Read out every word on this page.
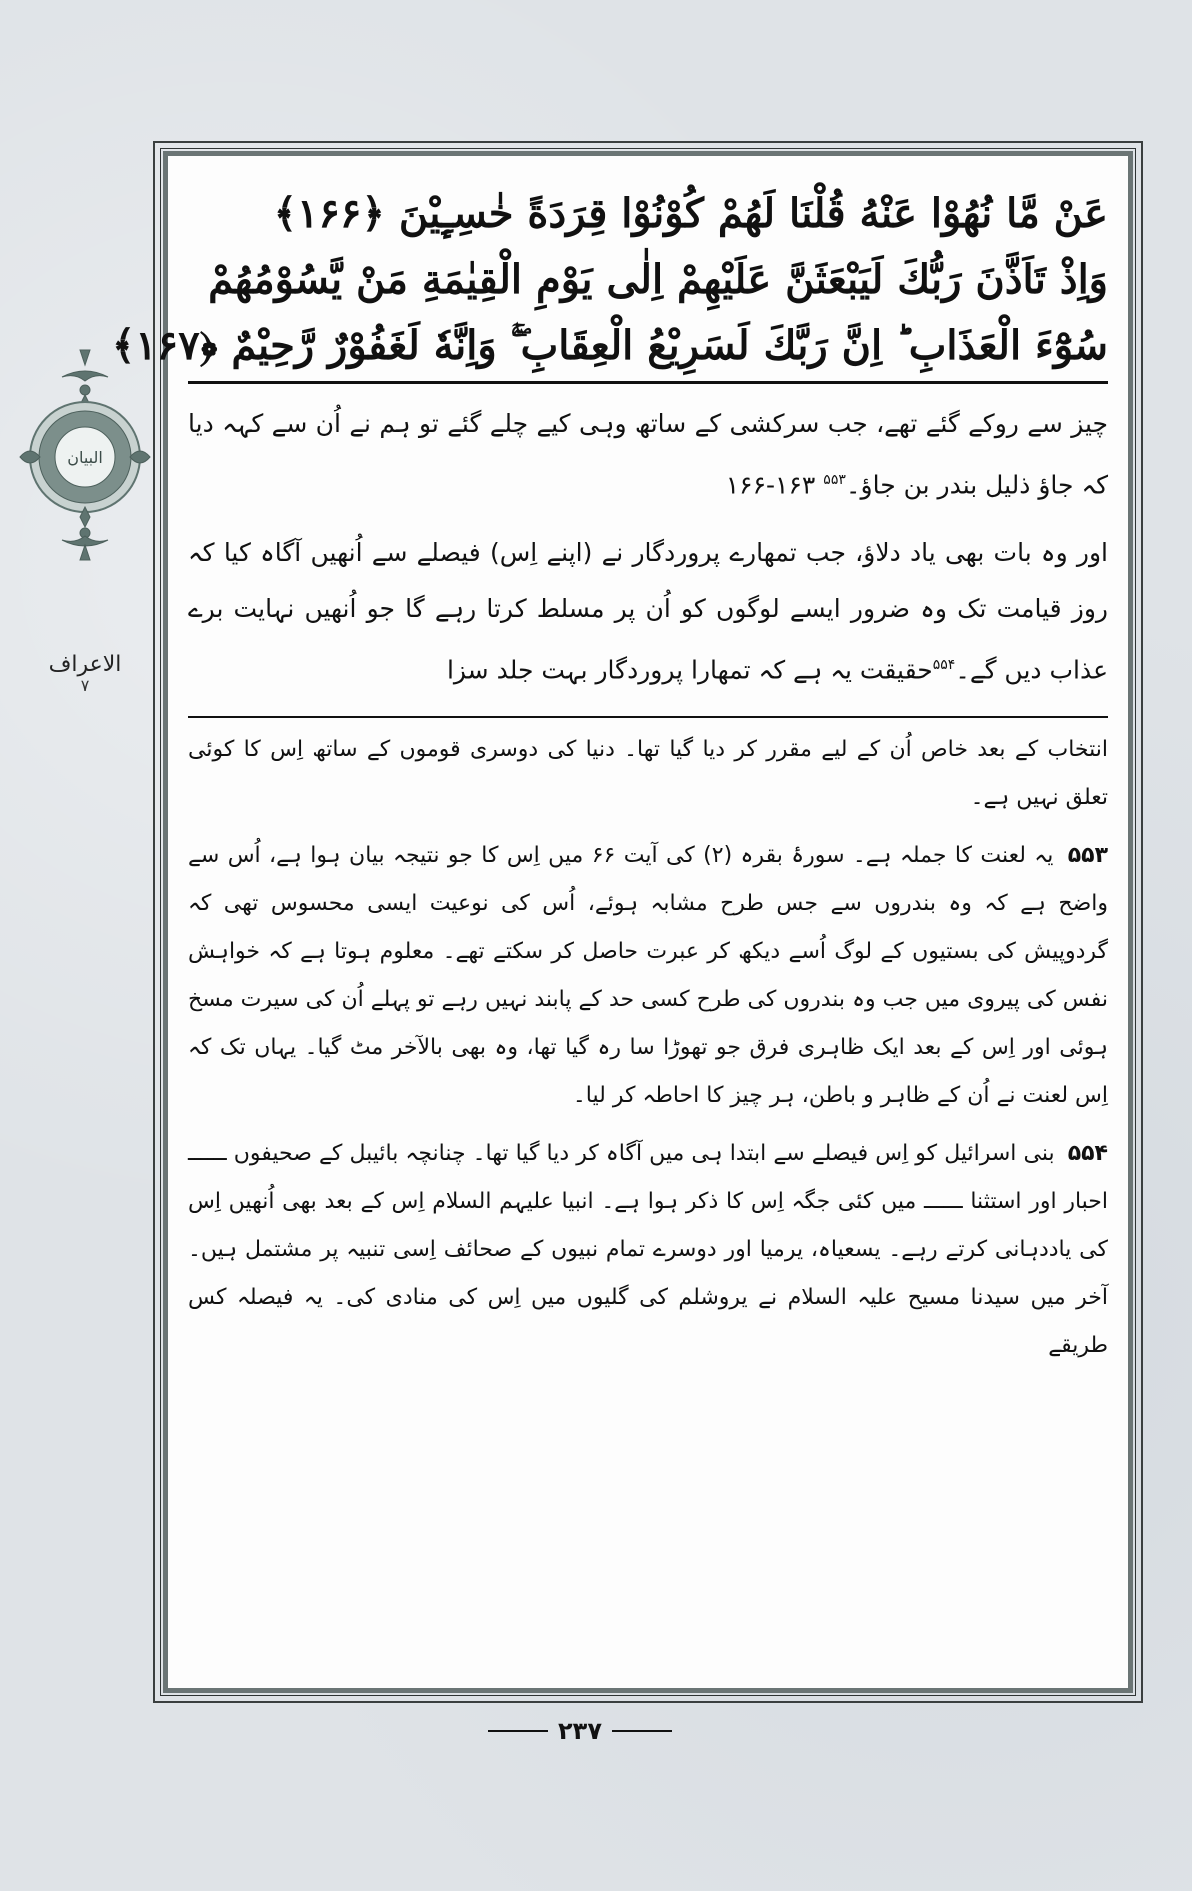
البیان
الاعراف
۷
عَنْ مَّا نُهُوْا عَنْهُ قُلْنَا لَهُمْ كُوْنُوْا قِرَدَةً خٰسِـِٕيْنَ ﴿۱۶۶﴾
وَاِذْ تَاَذَّنَ رَبُّكَ لَيَبْعَثَنَّ عَلَيْهِمْ اِلٰى يَوْمِ الْقِيٰمَةِ مَنْ يَّسُوْمُهُمْ
سُوْٓءَ الْعَذَابِ ؕ اِنَّ رَبَّكَ لَسَرِيْعُ الْعِقَابِ ۖۚ وَاِنَّهٗ لَغَفُوْرٌ رَّحِيْمٌ ﴿۱۶۷﴾

چیز سے روکے گئے تھے، جب سرکشی کے ساتھ وہی کیے چلے گئے تو ہم نے اُن سے کہہ دیا کہ جاؤ ذلیل بندر بن جاؤ۔$^{۵۵۳}$ ۱۶۳-۱۶۶

اور وہ بات بھی یاد دلاؤ، جب تمھارے پروردگار نے (اپنے اِس) فیصلے سے اُنھیں آگاہ کیا کہ روز قیامت تک وہ ضرور ایسے لوگوں کو اُن پر مسلط کرتا رہے گا جو اُنھیں نہایت برے عذاب دیں گے۔$^{۵۵۴}$حقیقت یہ ہے کہ تمھارا پروردگار بہت جلد سزا

انتخاب کے بعد خاص اُن کے لیے مقرر کر دیا گیا تھا۔ دنیا کی دوسری قوموں کے ساتھ اِس کا کوئی تعلق نہیں ہے۔

۵۵۳ یہ لعنت کا جملہ ہے۔ سورۂ بقرہ (۲) کی آیت ۶۶ میں اِس کا جو نتیجہ بیان ہوا ہے، اُس سے واضح ہے کہ وہ بندروں سے جس طرح مشابہ ہوئے، اُس کی نوعیت ایسی محسوس تھی کہ گردوپیش کی بستیوں کے لوگ اُسے دیکھ کر عبرت حاصل کر سکتے تھے۔ معلوم ہوتا ہے کہ خواہش نفس کی پیروی میں جب وہ بندروں کی طرح کسی حد کے پابند نہیں رہے تو پہلے اُن کی سیرت مسخ ہوئی اور اِس کے بعد ایک ظاہری فرق جو تھوڑا سا رہ گیا تھا، وہ بھی بالآخر مٹ گیا۔ یہاں تک کہ اِس لعنت نے اُن کے ظاہر و باطن، ہر چیز کا احاطہ کر لیا۔

۵۵۴ بنی اسرائیل کو اِس فیصلے سے ابتدا ہی میں آگاہ کر دیا گیا تھا۔ چنانچہ بائیبل کے صحیفوں ــــــ احبار اور استثنا ــــــ میں کئی جگہ اِس کا ذکر ہوا ہے۔ انبیا علیہم السلام اِس کے بعد بھی اُنھیں اِس کی یاددہانی کرتے رہے۔ یسعیاہ، یرمیا اور دوسرے تمام نبیوں کے صحائف اِسی تنبیہ پر مشتمل ہیں۔ آخر میں سیدنا مسیح علیہ السلام نے یروشلم کی گلیوں میں اِس کی منادی کی۔ یہ فیصلہ کس طریقے

۲۳۷
